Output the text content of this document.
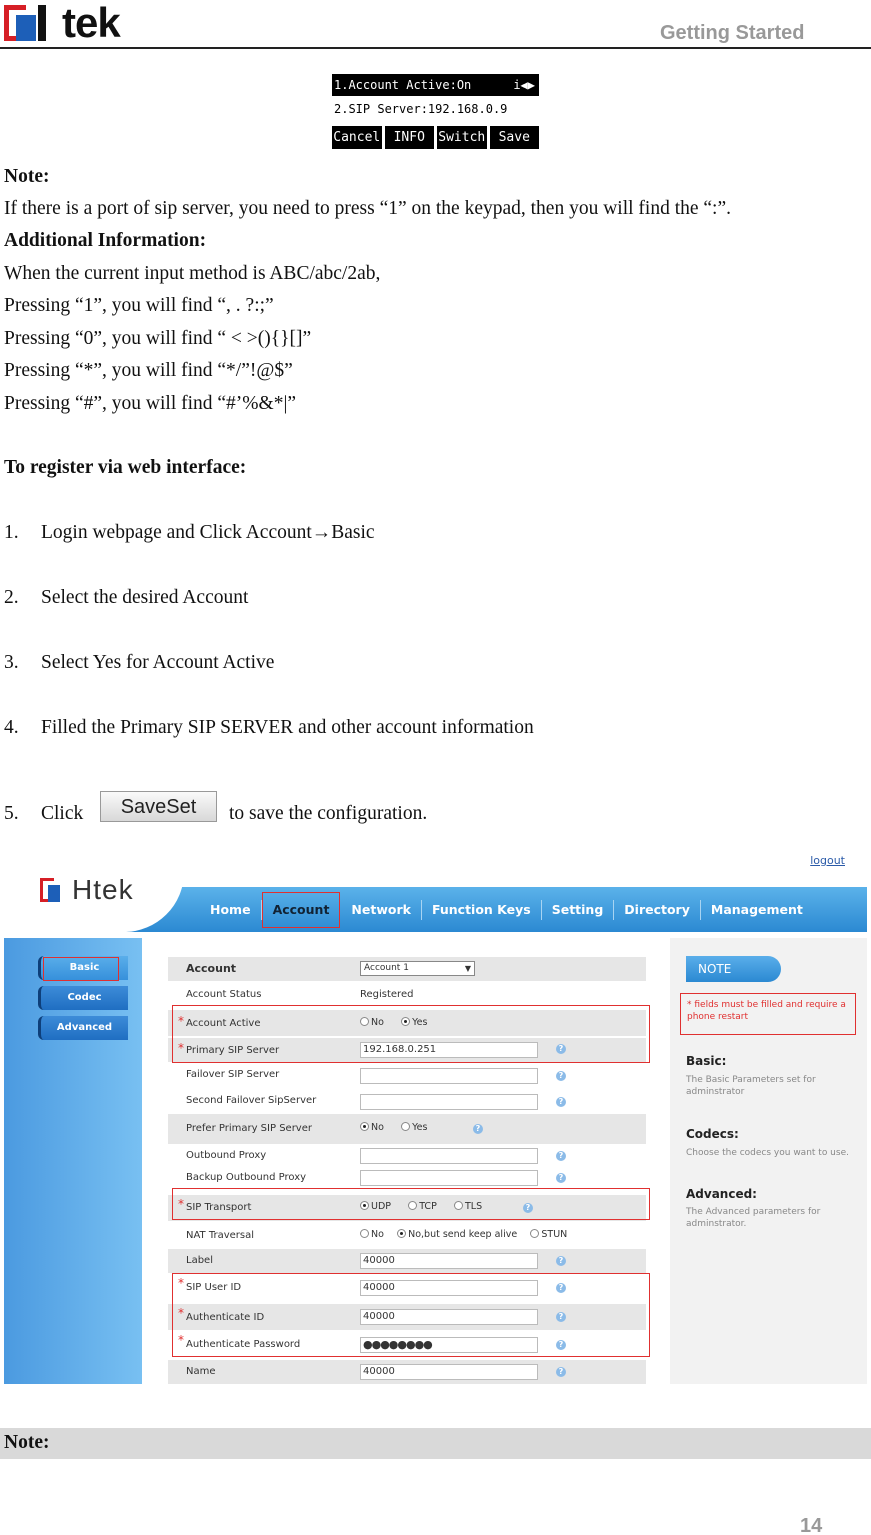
tek	Getting Started
1.Account Active:On	i◀▶
2.SIP Server:192.168.0.9
Cancel	INFO	Switch	Save
Note:
If there is a port of sip server, you need to press “1” on the keypad, then you will find the “:”.
Additional Information:
When the current input method is ABC/abc/2ab,
Pressing “1”, you will find “, . ?:;”
Pressing “0”, you will find “ < >(){}[]”
Pressing “*”, you will find “*/”!@$”
Pressing “#”, you will find “#’%&*|”
To register via web interface:
1. Login webpage and Click Account→Basic
2. Select the desired Account
3. Select Yes for Account Active
4. Filled the Primary SIP SERVER and other account information
5. Click	SaveSet	to save the configuration.
logout
Htek
Home	Account	Network	Function Keys	Setting	Directory	Management
Basic
Codec
Advanced
Account	Account 1	▼
Account Status	Registered
* Account Active	No	Yes
* Primary SIP Server	192.168.0.251	?
Failover SIP Server	?
Second Failover SipServer	?
Prefer Primary SIP Server	No	Yes	?
Outbound Proxy	?
Backup Outbound Proxy	?
* SIP Transport	UDP	TCP	TLS	?
NAT Traversal	No	No,but send keep alive	STUN
Label	40000	?
* SIP User ID	40000	?
* Authenticate ID	40000	?
* Authenticate Password	●●●●●●●●	?
Name	40000	?
NOTE
* fields must be filled and require a phone restart
Basic:
The Basic Parameters set for adminstrator
Codecs:
Choose the codecs you want to use.
Advanced:
The Advanced parameters for adminstrator.
Note:
14
